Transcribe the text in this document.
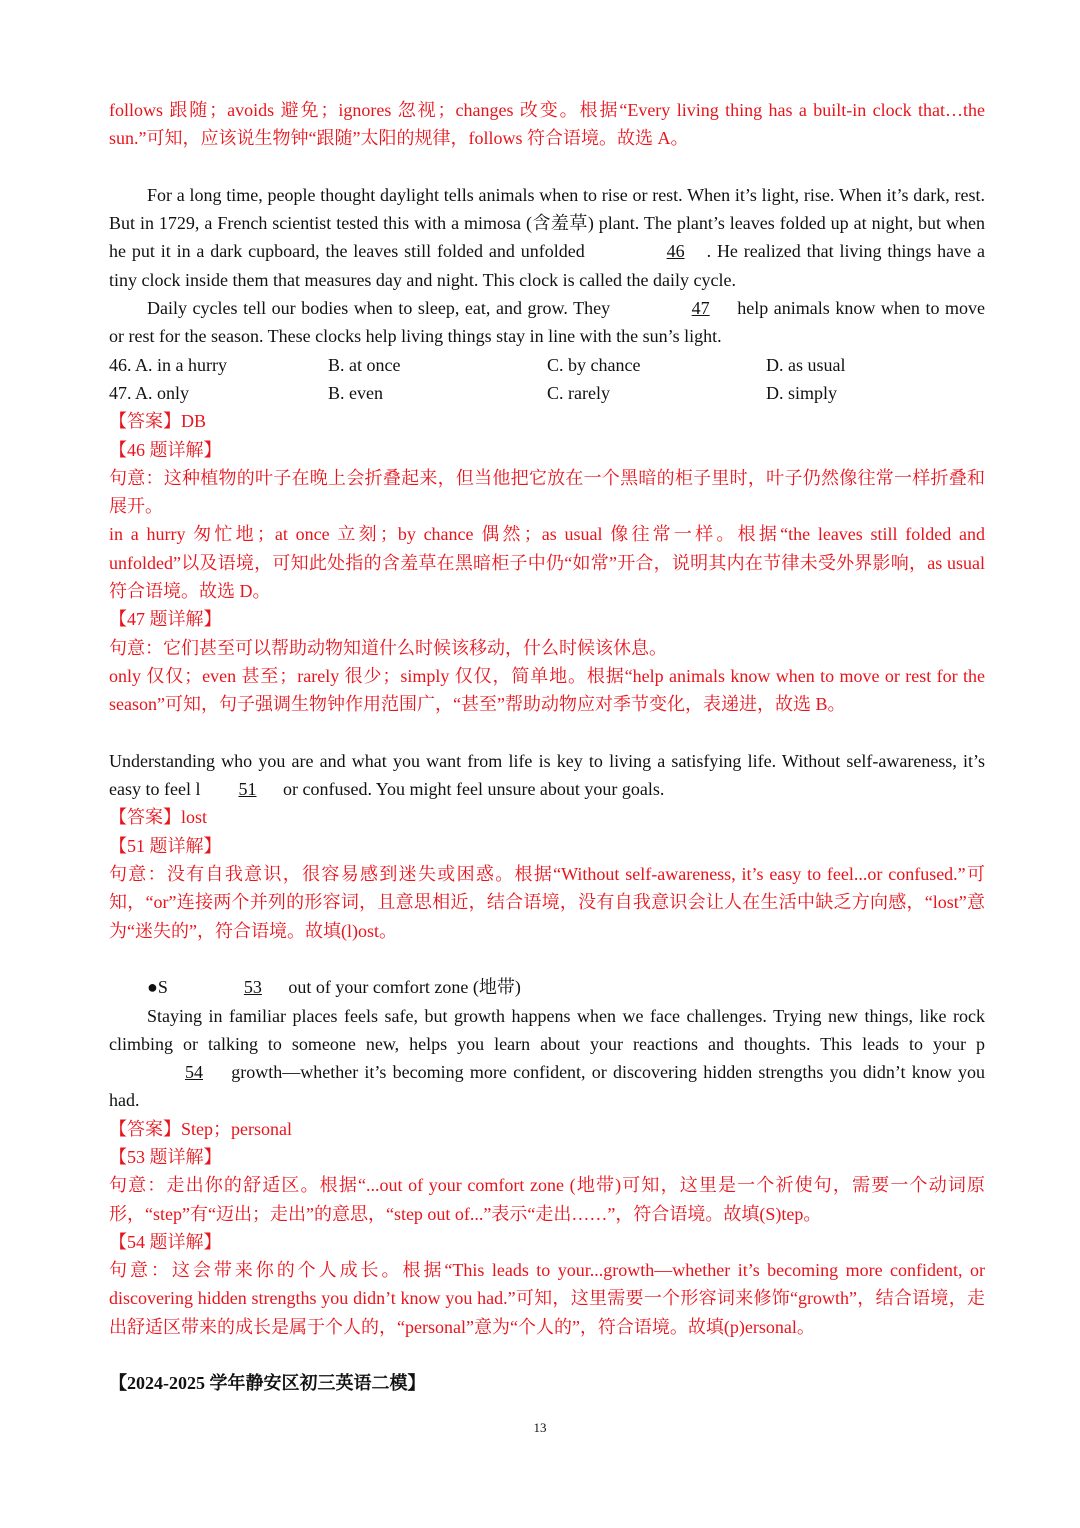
follows 跟随；avoids 避免；ignores 忽视；changes 改变。根据“Every living thing has a built-in clock that…the sun.”可知，应该说生物钟“跟随”太阳的规律，follows 符合语境。故选 A。

For a long time, people thought daylight tells animals when to rise or rest. When it’s light, rise. When it’s dark, rest. But in 1729, a French scientist tested this with a mimosa (含羞草) plant. The plant’s leaves folded up at night, but when he put it in a dark cupboard, the leaves still folded and unfolded	46 . He realized that living things have a tiny clock inside them that measures day and night. This clock is called the daily cycle.

Daily cycles tell our bodies when to sleep, eat, and grow. They	47 help animals know when to move or rest for the season. These clocks help living things stay in line with the sun’s light.

46. A. in a hurry	B. at once	C. by chance	D. as usual
47. A. only	B. even	C. rarely	D. simply

【答案】DB

【46 题详解】

句意：这种植物的叶子在晚上会折叠起来，但当他把它放在一个黑暗的柜子里时，叶子仍然像往常一样折叠和展开。

in a hurry 匆忙地；at once 立刻；by chance 偶然；as usual 像往常一样。根据“the leaves still folded and unfolded”以及语境，可知此处指的含羞草在黑暗柜子中仍“如常”开合，说明其内在节律未受外界影响，as usual 符合语境。故选 D。

【47 题详解】

句意：它们甚至可以帮助动物知道什么时候该移动，什么时候该休息。

only 仅仅；even 甚至；rarely 很少；simply 仅仅，简单地。根据“help animals know when to move or rest for the season”可知，句子强调生物钟作用范围广，“甚至”帮助动物应对季节变化，表递进，故选 B。

Understanding who you are and what you want from life is key to living a satisfying life. Without self-awareness, it’s easy to feel l 51 or confused. You might feel unsure about your goals.

【答案】lost

【51 题详解】

句意：没有自我意识，很容易感到迷失或困惑。根据“Without self-awareness, it’s easy to feel...or confused.”可知，“or”连接两个并列的形容词，且意思相近，结合语境，没有自我意识会让人在生活中缺乏方向感，“lost”意为“迷失的”，符合语境。故填(l)ost。

●S	53 out of your comfort zone (地带)

Staying in familiar places feels safe, but growth happens when we face challenges. Trying new things, like rock climbing or talking to someone new, helps you learn about your reactions and thoughts. This leads to your p54 growth—whether it’s becoming more confident, or discovering hidden strengths you didn’t know you had.

【答案】Step；personal

【53 题详解】

句意：走出你的舒适区。根据“...out of your comfort zone (地带)可知，这里是一个祈使句，需要一个动词原形，“step”有“迈出；走出”的意思，“step out of...”表示“走出……”，符合语境。故填(S)tep。

【54 题详解】

句意：这会带来你的个人成长。根据“This leads to your...growth—whether it’s becoming more confident, or discovering hidden strengths you didn’t know you had.”可知，这里需要一个形容词来修饰“growth”，结合语境，走出舒适区带来的成长是属于个人的，“personal”意为“个人的”，符合语境。故填(p)ersonal。

【2024-2025 学年静安区初三英语二模】

13
